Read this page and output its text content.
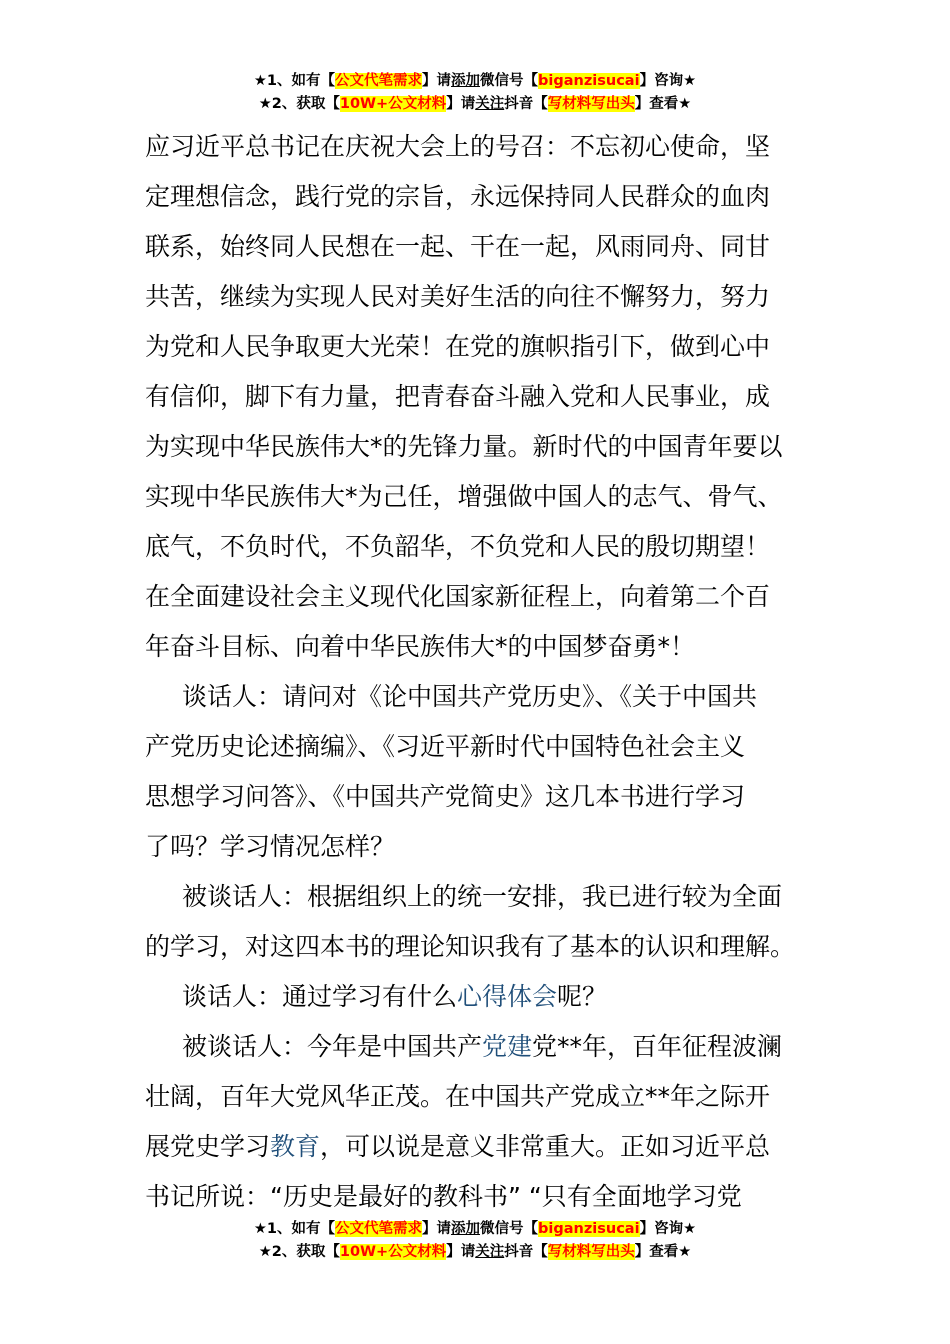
★1、如有【公文代笔需求】请添加微信号【biganzisucai】咨询★
★2、获取【10W+公文材料】请关注抖音【写材料写出头】查看★
应习近平总书记在庆祝大会上的号召：不忘初心使命，坚
定理想信念，践行党的宗旨，永远保持同人民群众的血肉
联系，始终同人民想在一起、干在一起，风雨同舟、同甘
共苦，继续为实现人民对美好生活的向往不懈努力，努力
为党和人民争取更大光荣！在党的旗帜指引下，做到心中
有信仰，脚下有力量，把青春奋斗融入党和人民事业，成
为实现中华民族伟大*的先锋力量。新时代的中国青年要以
实现中华民族伟大*为己任，增强做中国人的志气、骨气、
底气，不负时代，不负韶华，不负党和人民的殷切期望！
在全面建设社会主义现代化国家新征程上，向着第二个百
年奋斗目标、向着中华民族伟大*的中国梦奋勇*！
谈话人：请问对《论中国共产党历史》、《关于中国共
产党历史论述摘编》、《习近平新时代中国特色社会主义
思想学习问答》、《中国共产党简史》这几本书进行学习
了吗？学习情况怎样？
被谈话人：根据组织上的统一安排，我已进行较为全面
的学习，对这四本书的理论知识我有了基本的认识和理解。
谈话人：通过学习有什么心得体会呢？
被谈话人：今年是中国共产党建党**年，百年征程波澜
壮阔，百年大党风华正茂。在中国共产党成立**年之际开
展党史学习教育，可以说是意义非常重大。正如习近平总
书记所说：“历史是最好的教科书” “只有全面地学习党
★1、如有【公文代笔需求】请添加微信号【biganzisucai】咨询★
★2、获取【10W+公文材料】请关注抖音【写材料写出头】查看★
